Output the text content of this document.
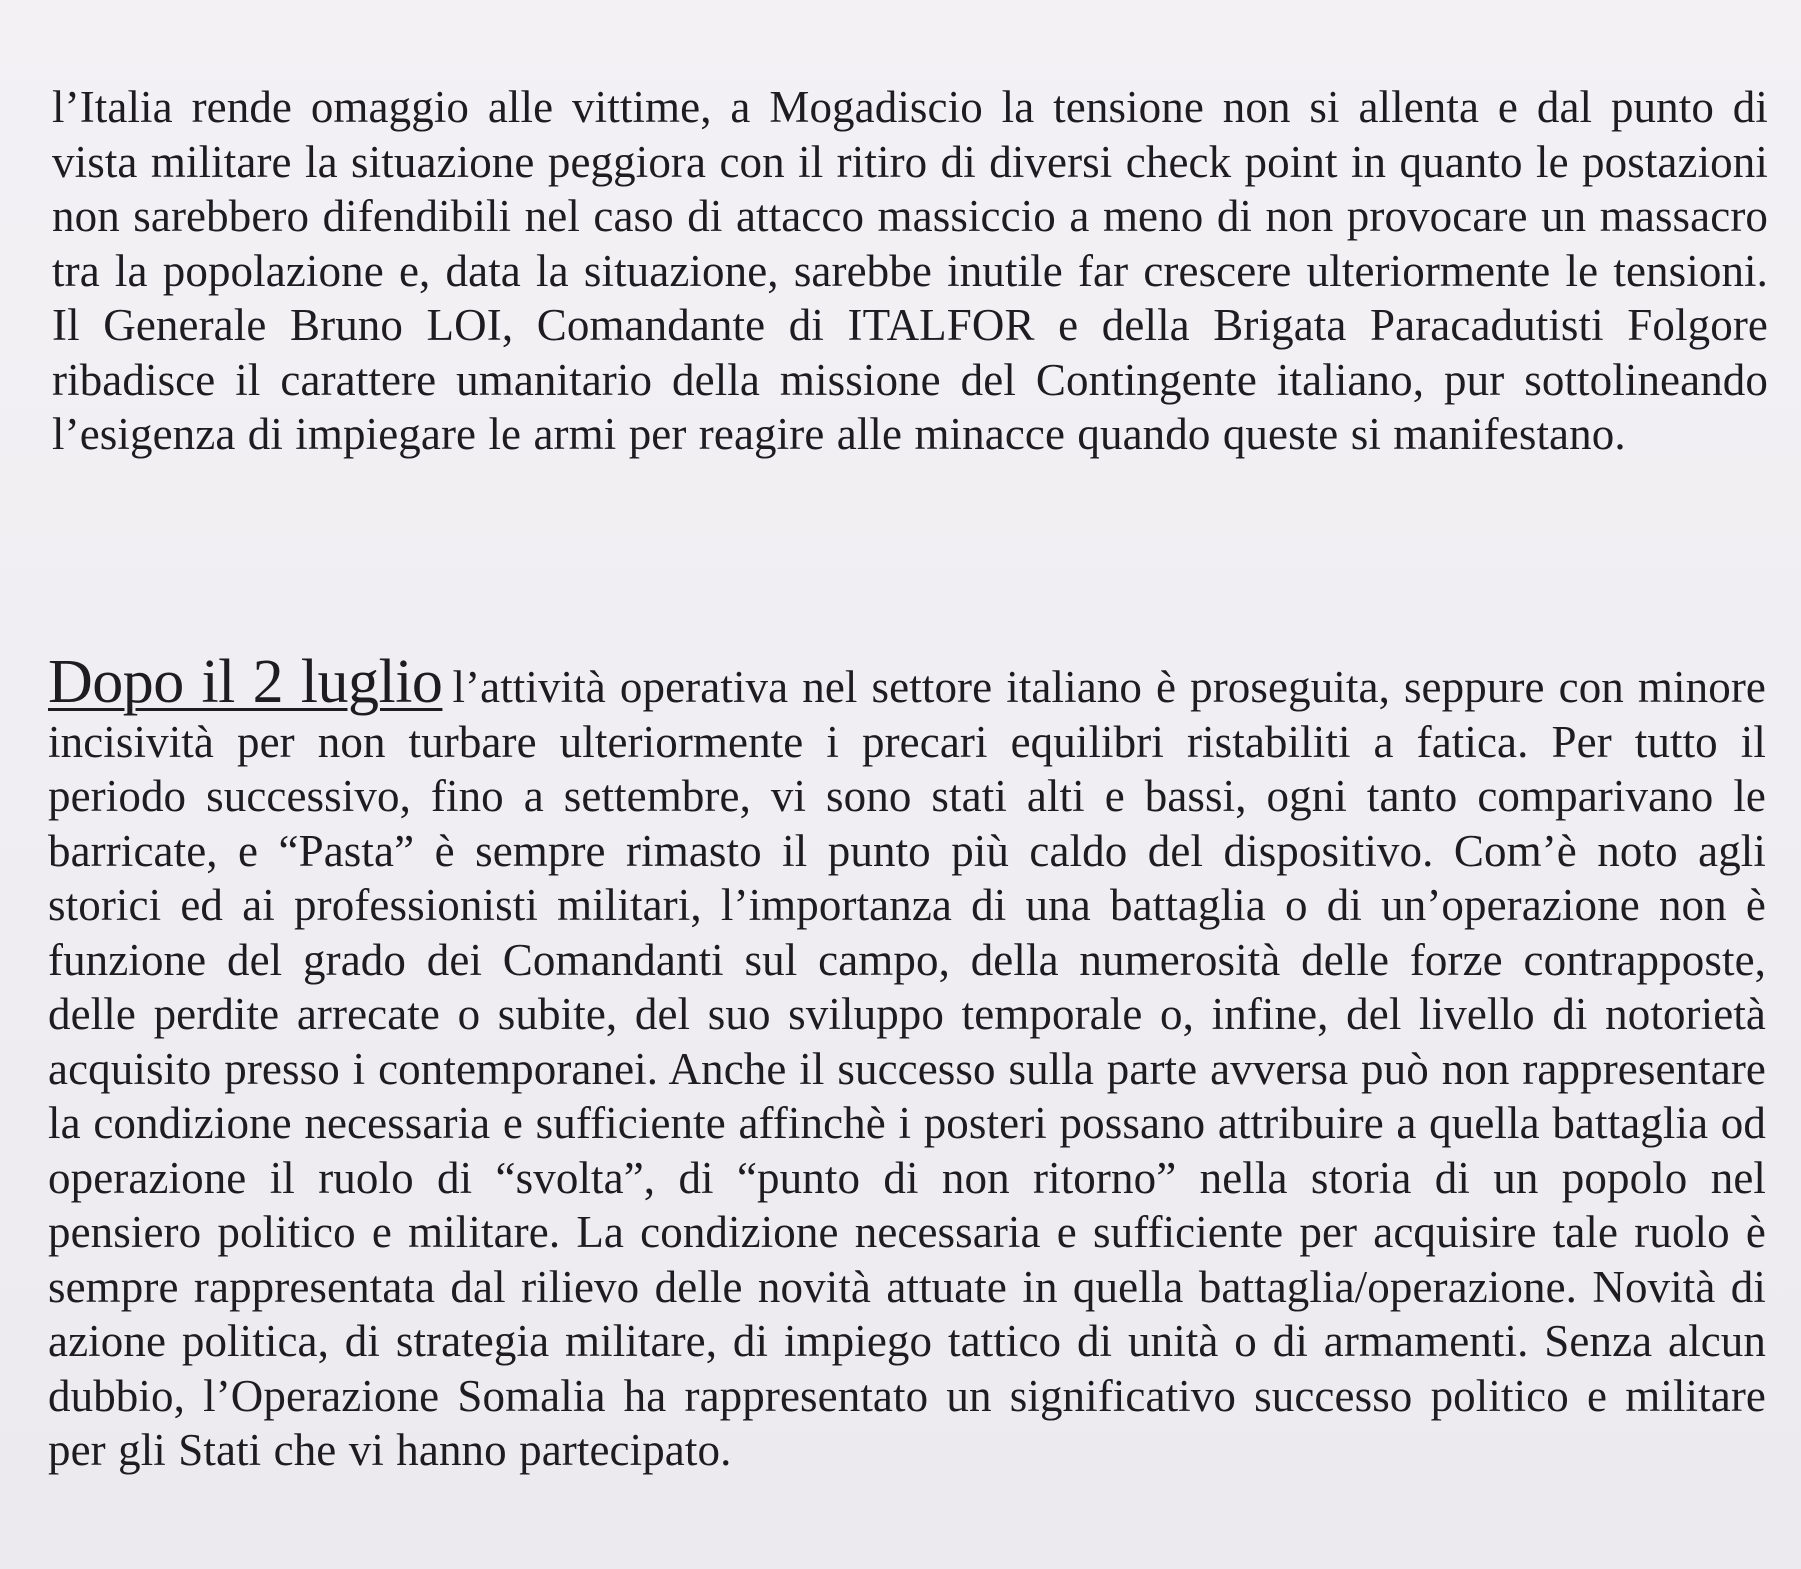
l’Italia rende omaggio alle vittime, a Mogadiscio la tensione non si allenta e dal punto di vista militare la situazione peggiora con il ritiro di diversi check point in quanto le postazioni non sarebbero difendibili nel caso di attacco massiccio a meno di non provocare un massacro tra la popolazione e, data la situazione, sarebbe inutile far crescere ulteriormente le tensioni. Il Generale Bruno LOI, Comandante di ITALFOR e della Brigata Paracadutisti Folgore ribadisce il carattere umanitario della missione del Contingente italiano, pur sottolineando l’esigenza di impiegare le armi per reagire alle minacce quando queste si manifestano.

Dopo il 2 luglio l’attività operativa nel settore italiano è proseguita, seppure con minore incisività per non turbare ulteriormente i precari equilibri ristabiliti a fatica. Per tutto il periodo successivo, fino a settembre, vi sono stati alti e bassi, ogni tanto comparivano le barricate, e “Pasta” è sempre rimasto il punto più caldo del dispositivo. Com’è noto agli storici ed ai professionisti militari, l’importanza di una battaglia o di un’operazione non è funzione del grado dei Comandanti sul campo, della numerosità delle forze contrapposte, delle perdite arrecate o subite, del suo sviluppo temporale o, infine, del livello di notorietà acquisito presso i contemporanei. Anche il successo sulla parte avversa può non rappresentare la condizione necessaria e sufficiente affinchè i posteri possano attribuire a quella battaglia od operazione il ruolo di “svolta”, di “punto di non ritorno” nella storia di un popolo nel pensiero politico e militare. La condizione necessaria e sufficiente per acquisire tale ruolo è sempre rappresentata dal rilievo delle novità attuate in quella battaglia/operazione. Novità di azione politica, di strategia militare, di impiego tattico di unità o di armamenti. Senza alcun dubbio, l’Operazione Somalia ha rappresentato un significativo successo politico e militare per gli Stati che vi hanno partecipato.
